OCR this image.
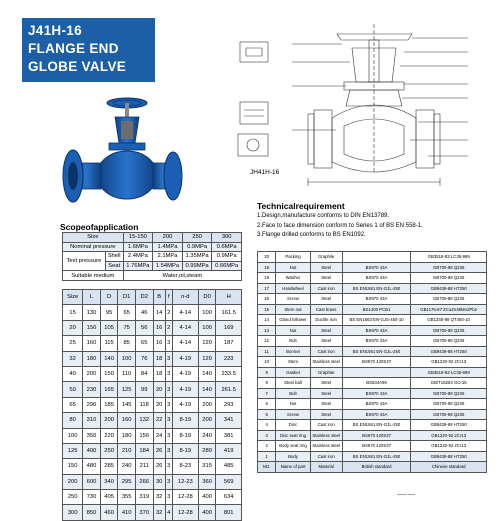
J41H-16
FLANGE END
GLOBE VALVE
JH41H-16
Technicalrequirement
1.Design,manufacture conforms to DIN EN13789.
2.Face to face dimension conform to Series 1 of BS EN 558-1.
3.Flange drilled conforms to BS EN1092.
Scopeofapplication
Size		15-150	200	250	300
Nominal pressure		1.6MPa	1.4MPa	0.9MPa	0.6MPa
Test pressure	Shell	2.4MPa	2.1MPa	1.35MPa	0.9MPa
	Seat	1.76MPa	1.54MPa	0.99MPa	0.66MPa
Suitable medium		Water,oil,steam			
Size	L	D	D1	D2	B	f	n-d	D0	H
15	130	95	65	46	14	2	4-14	100	161.5
20	150	105	75	56	16	2	4-14	100	169
25	160	115	85	65	16	3	4-14	120	187
32	180	140	100	76	18	3	4-19	120	223
40	200	150	110	84	18	3	4-19	140	233.5
50	230	165	125	99	20	3	4-19	140	261.5
65	290	185	145	118	20	3	4-19	200	293
80	310	200	160	132	22	3	8-19	200	341
100	350	220	180	156	24	3	8-19	240	381
125	400	250	210	184	26	3	8-19	280	419
150	480	285	240	211	26	3	8-23	315	485
200	600	340	295	266	30	3	12-23	360	569
250	730	405	355	319	32	3	12-28	400	634
300	850	460	410	370	32	4	12-28	400	801
20	Packing	Graphite		GB3518-83 LC35-999
19	Nut	Steel	BS970 43A	GB700-88 Q235
18	Washer	Steel	BS970 43A	GB700-88 Q235
17	Handwheel	Cast iron	BS EN1561 EN-GJL-250	GB9439-88 HT250
16	Screw	Steel	BS970 43A	GB700-88 Q235
15	Stem nut	Cast brass	BS1400 PCB1	GB1176-87 ZCuZn38Mn2Pb2
14	Gland follower	Ductile iron	BS EN1563 EN-GJS-450-10	GB1348-88 QT450-10
13	Nut	Steel	BS970 43A	GB700-88 Q235
12	Bolt	Steel	BS970 43A	GB700-88 Q235
11	Bonnet	Cast iron	BS EN1561 EN-GJL-250	GB9439-88 HT250
10	Stem	Stainless steel	BS970 420S37	GB1220-92 2Cr13
9	Gasket	Graphite		GB3518-83 LC35-999
8	Steel ball	Steel	BS534A99	GB/T18254 GCr15
7	Bolt	Steel	BS970 43A	GB700-88 Q235
6	Nut	Steel	BS970 43A	GB700-88 Q235
5	Screw	Steel	BS970 43A	GB700-88 Q235
4	Disc	Cast iron	BS EN1561 EN-GJL-250	GB9439-88 HT250
3	Disc seat ring	Stainless steel	BS970 420S37	GB1220-92 2Cr13
2	Body seat ring	Stainless steel	BS970 420S37	GB1220-92 2Cr13
1	Body	Cast iron	BS EN1561 EN-GJL-250	GB9439-88 HT250
NO.	Name of part	Material	British standard	Chinese standard
━━━━ ━━━
